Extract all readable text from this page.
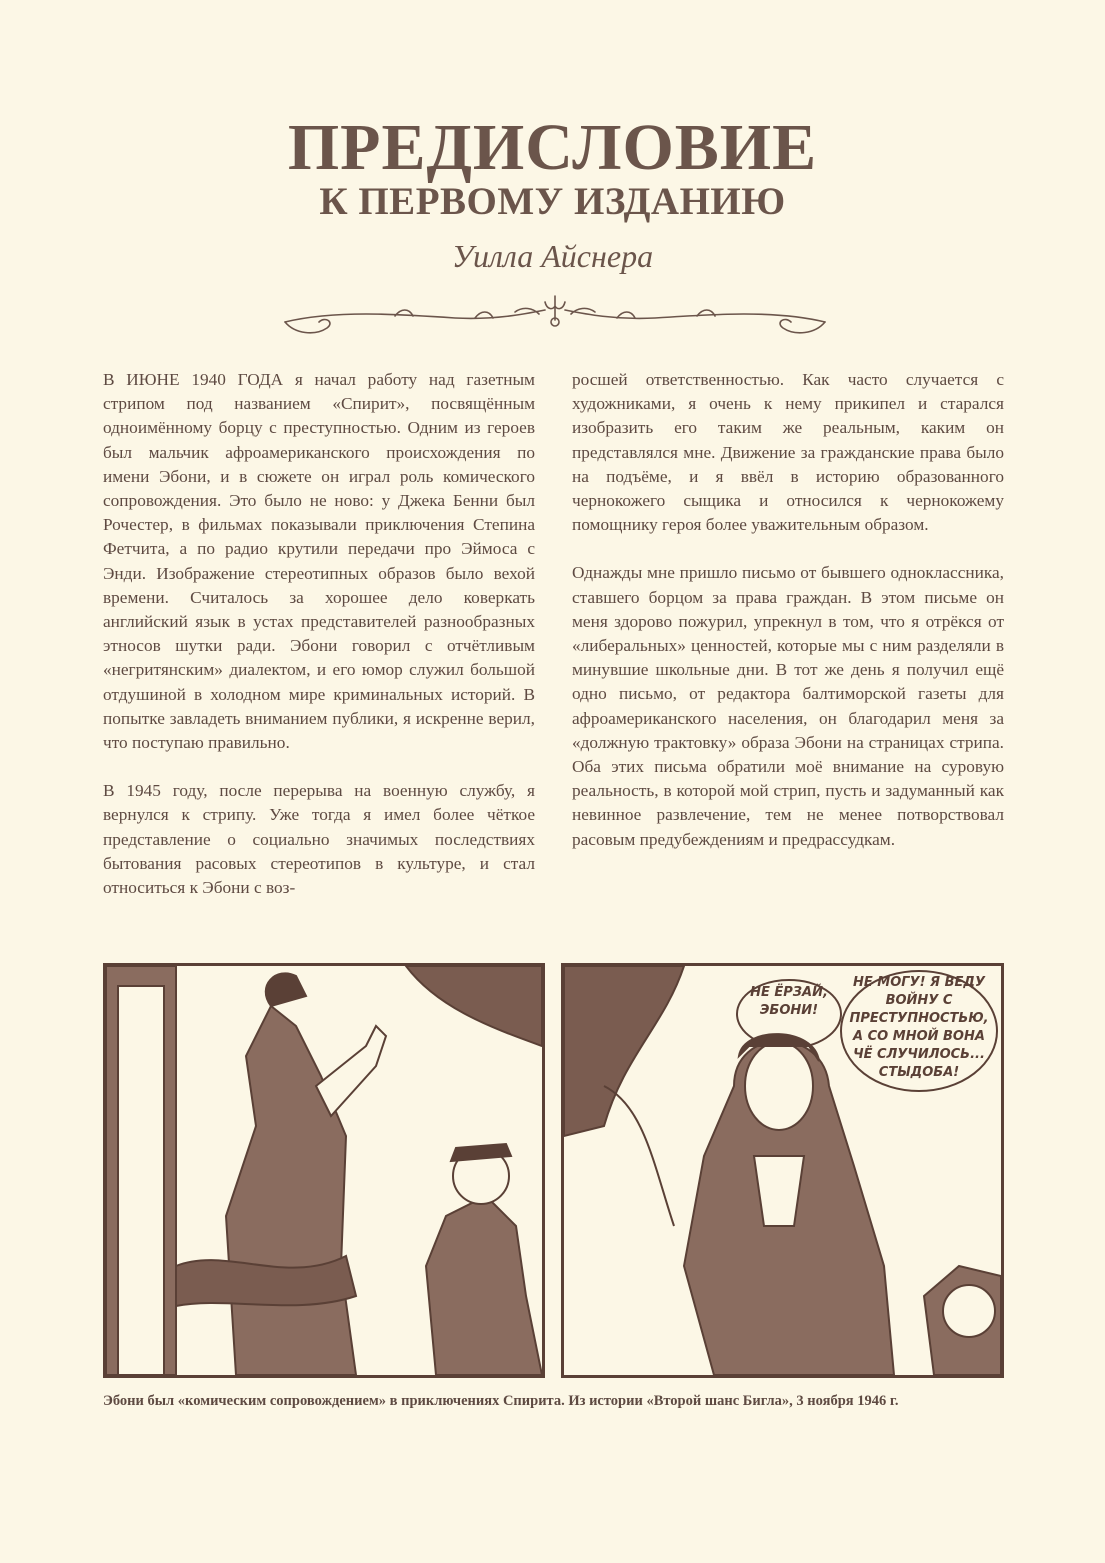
ПРЕДИСЛОВИЕ
К ПЕРВОМУ ИЗДАНИЮ
Уилла Айснера

В ИЮНЕ 1940 ГОДА я начал работу над газетным стрипом под названием «Спирит», посвящённым одноимённому борцу с преступностью. Одним из героев был мальчик афроамериканского происхождения по имени Эбони, и в сюжете он играл роль комического сопровождения. Это было не ново: у Джека Бенни был Рочестер, в фильмах показывали приключения Степина Фетчита, а по радио крутили передачи про Эймоса с Энди. Изображение стереотипных образов было вехой времени. Считалось за хорошее дело коверкать английский язык в устах представителей разнообразных этносов шутки ради. Эбони говорил с отчётливым «негритянским» диалектом, и его юмор служил большой отдушиной в холодном мире криминальных историй. В попытке завладеть вниманием публики, я искренне верил, что поступаю правильно.

В 1945 году, после перерыва на военную службу, я вернулся к стрипу. Уже тогда я имел более чёткое представление о социально значимых последствиях бытования расовых стереотипов в культуре, и стал относиться к Эбони с воз-

росшей ответственностью. Как часто случается с художниками, я очень к нему прикипел и старался изобразить его таким же реальным, каким он представлялся мне. Движение за гражданские права было на подъёме, и я ввёл в историю образованного чернокожего сыщика и относился к чернокожему помощнику героя более уважительным образом.

Однажды мне пришло письмо от бывшего одноклассника, ставшего борцом за права граждан. В этом письме он меня здорово пожурил, упрекнул в том, что я отрёкся от «либеральных» ценностей, которые мы с ним разделяли в минувшие школьные дни. В тот же день я получил ещё одно письмо, от редактора балтиморской газеты для афроамериканского населения, он благодарил меня за «должную трактовку» образа Эбони на страницах стрипа. Оба этих письма обратили моё внимание на суровую реальность, в которой мой стрип, пусть и задуманный как невинное развлечение, тем не менее потворствовал расовым предубеждениям и предрассудкам.

НЕ ЁРЗАЙ, ЭБОНИ!
НЕ МОГУ! Я ВЕДУ ВОЙНУ С ПРЕСТУПНОСТЬЮ, А СО МНОЙ ВОНА ЧЁ СЛУЧИЛОСЬ... СТЫДОБА!
Эбони был «комическим сопровождением» в приключениях Спирита. Из истории «Второй шанс Бигла», 3 ноября 1946 г.
